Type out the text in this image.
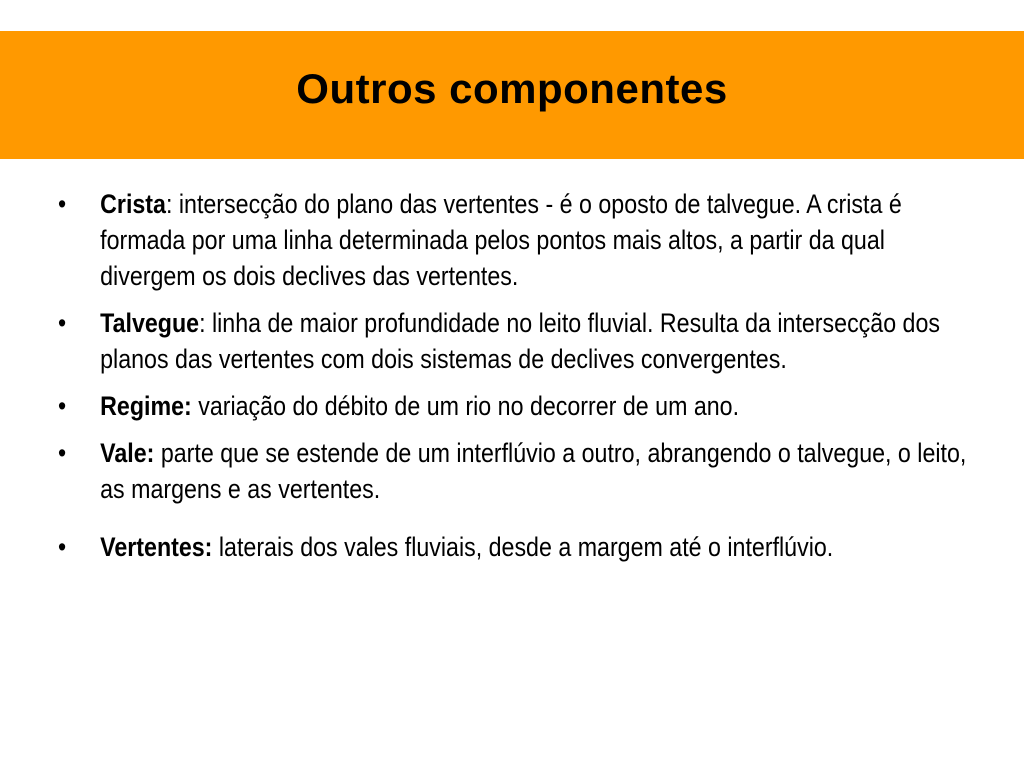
Outros componentes
• Crista: intersecção do plano das vertentes - é o oposto de talvegue. A crista é formada por uma linha determinada pelos pontos mais altos, a partir da qual divergem os dois declives das vertentes.
• Talvegue: linha de maior profundidade no leito fluvial. Resulta da intersecção dos planos das vertentes com dois sistemas de declives convergentes.
• Regime: variação do débito de um rio no decorrer de um ano.
• Vale: parte que se estende de um interflúvio a outro, abrangendo o talvegue, o leito, as margens e as vertentes.
• Vertentes: laterais dos vales fluviais, desde a margem até o interflúvio.
